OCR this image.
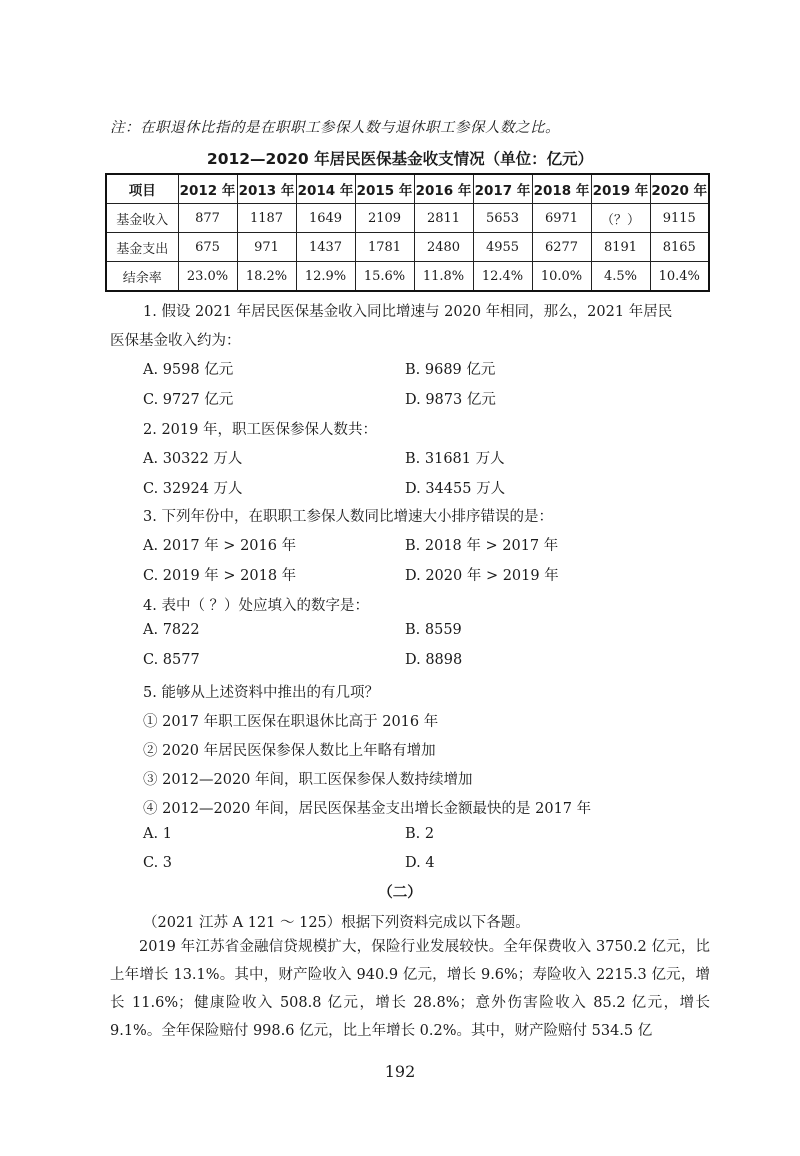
注：在职退休比指的是在职职工参保人数与退休职工参保人数之比。
2012—2020 年居民医保基金收支情况（单位：亿元）
项目	2012 年	2013 年	2014 年	2015 年	2016 年	2017 年	2018 年	2019 年	2020 年
基金收入	877	1187	1649	2109	2811	5653	6971	（？）	9115
基金支出	675	971	1437	1781	2480	4955	6277	8191	8165
结余率	23.0%	18.2%	12.9%	15.6%	11.8%	12.4%	10.0%	4.5%	10.4%
1. 假设 2021 年居民医保基金收入同比增速与 2020 年相同，那么，2021 年居民
医保基金收入约为：
A. 9598 亿元	B. 9689 亿元
C. 9727 亿元	D. 9873 亿元
2. 2019 年，职工医保参保人数共：
A. 30322 万人	B. 31681 万人
C. 32924 万人	D. 34455 万人
3. 下列年份中，在职职工参保人数同比增速大小排序错误的是：
A. 2017 年 > 2016 年	B. 2018 年 > 2017 年
C. 2019 年 > 2018 年	D. 2020 年 > 2019 年
4. 表中（ ？）处应填入的数字是：
A. 7822	B. 8559
C. 8577	D. 8898
5. 能够从上述资料中推出的有几项？
① 2017 年职工医保在职退休比高于 2016 年
② 2020 年居民医保参保人数比上年略有增加
③ 2012—2020 年间，职工医保参保人数持续增加
④ 2012—2020 年间，居民医保基金支出增长金额最快的是 2017 年
A. 1	B. 2
C. 3	D. 4
（二）
（2021 江苏 A 121 ～ 125）根据下列资料完成以下各题。
2019 年江苏省金融信贷规模扩大，保险行业发展较快。全年保费收入 3750.2 亿元，比上年增长 13.1%。其中，财产险收入 940.9 亿元，增长 9.6%；寿险收入 2215.3 亿元，增长 11.6%；健康险收入 508.8 亿元，增长 28.8%；意外伤害险收入 85.2 亿元，增长 9.1%。全年保险赔付 998.6 亿元，比上年增长 0.2%。其中，财产险赔付 534.5 亿
192
